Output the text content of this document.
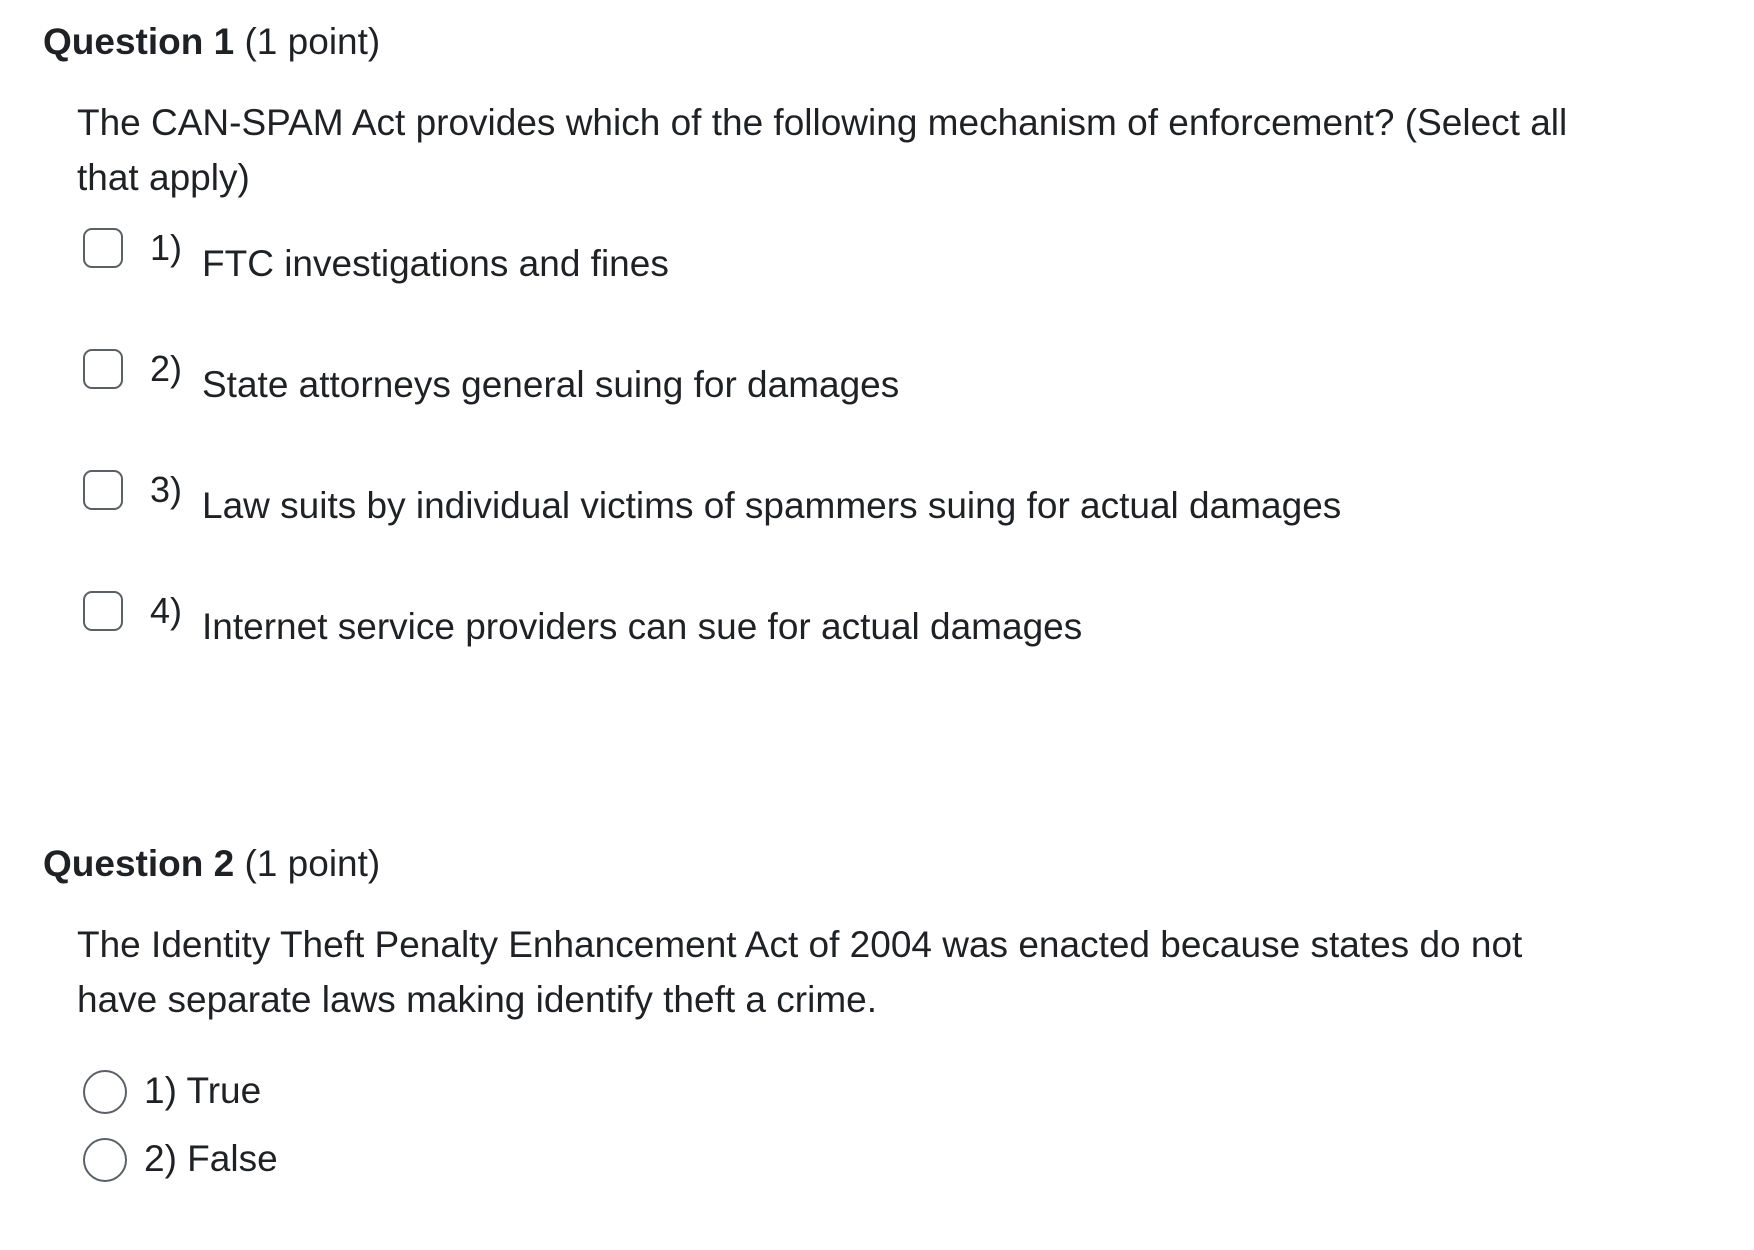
Question 1 (1 point)
The CAN-SPAM Act provides which of the following mechanism of enforcement? (Select all that apply)
1) FTC investigations and fines
2) State attorneys general suing for damages
3) Law suits by individual victims of spammers suing for actual damages
4) Internet service providers can sue for actual damages
Question 2 (1 point)
The Identity Theft Penalty Enhancement Act of 2004 was enacted because states do not have separate laws making identify theft a crime.
1) True
2) False
